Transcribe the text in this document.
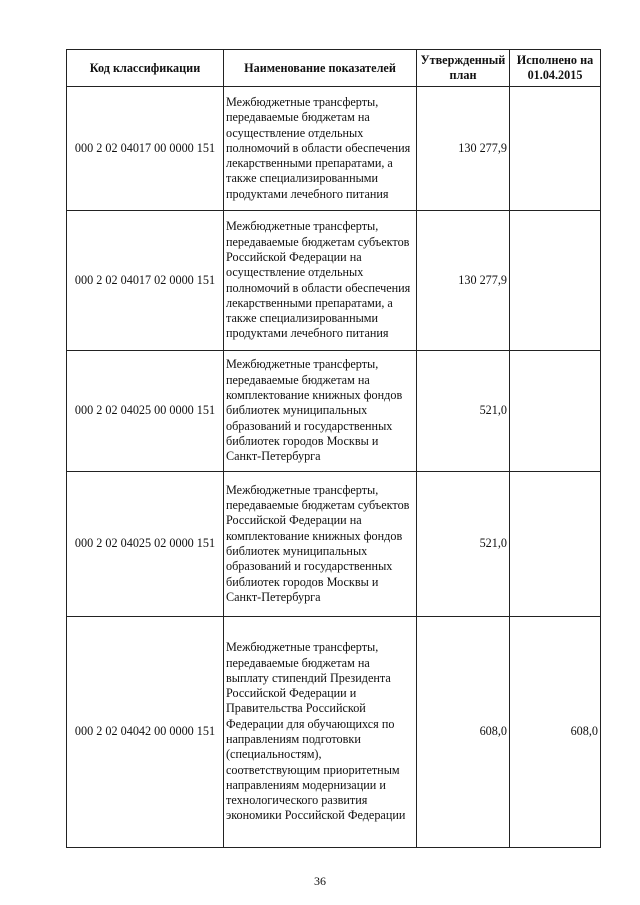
Код классификации	Наименование показателей	Утвержденный план	Исполнено на 01.04.2015
000 2 02 04017 00 0000 151	Межбюджетные трансферты, передаваемые бюджетам на осуществление отдельных полномочий в области обеспечения лекарственными препаратами, а также специализированными продуктами лечебного питания	130 277,9	
000 2 02 04017 02 0000 151	Межбюджетные трансферты, передаваемые бюджетам субъектов Российской Федерации на осуществление отдельных полномочий в области обеспечения лекарственными препаратами, а также специализированными продуктами лечебного питания	130 277,9	
000 2 02 04025 00 0000 151	Межбюджетные трансферты, передаваемые бюджетам на комплектование книжных фондов библиотек муниципальных образований и государственных библиотек городов Москвы и Санкт-Петербурга	521,0	
000 2 02 04025 02 0000 151	Межбюджетные трансферты, передаваемые бюджетам субъектов Российской Федерации на комплектование книжных фондов библиотек муниципальных образований и государственных библиотек городов Москвы и Санкт-Петербурга	521,0	
000 2 02 04042 00 0000 151	Межбюджетные трансферты, передаваемые бюджетам на выплату стипендий Президента Российской Федерации и Правительства Российской Федерации для обучающихся по направлениям подготовки (специальностям), соответствующим приоритетным направлениям модернизации и технологического развития экономики Российской Федерации	608,0	608,0
36
